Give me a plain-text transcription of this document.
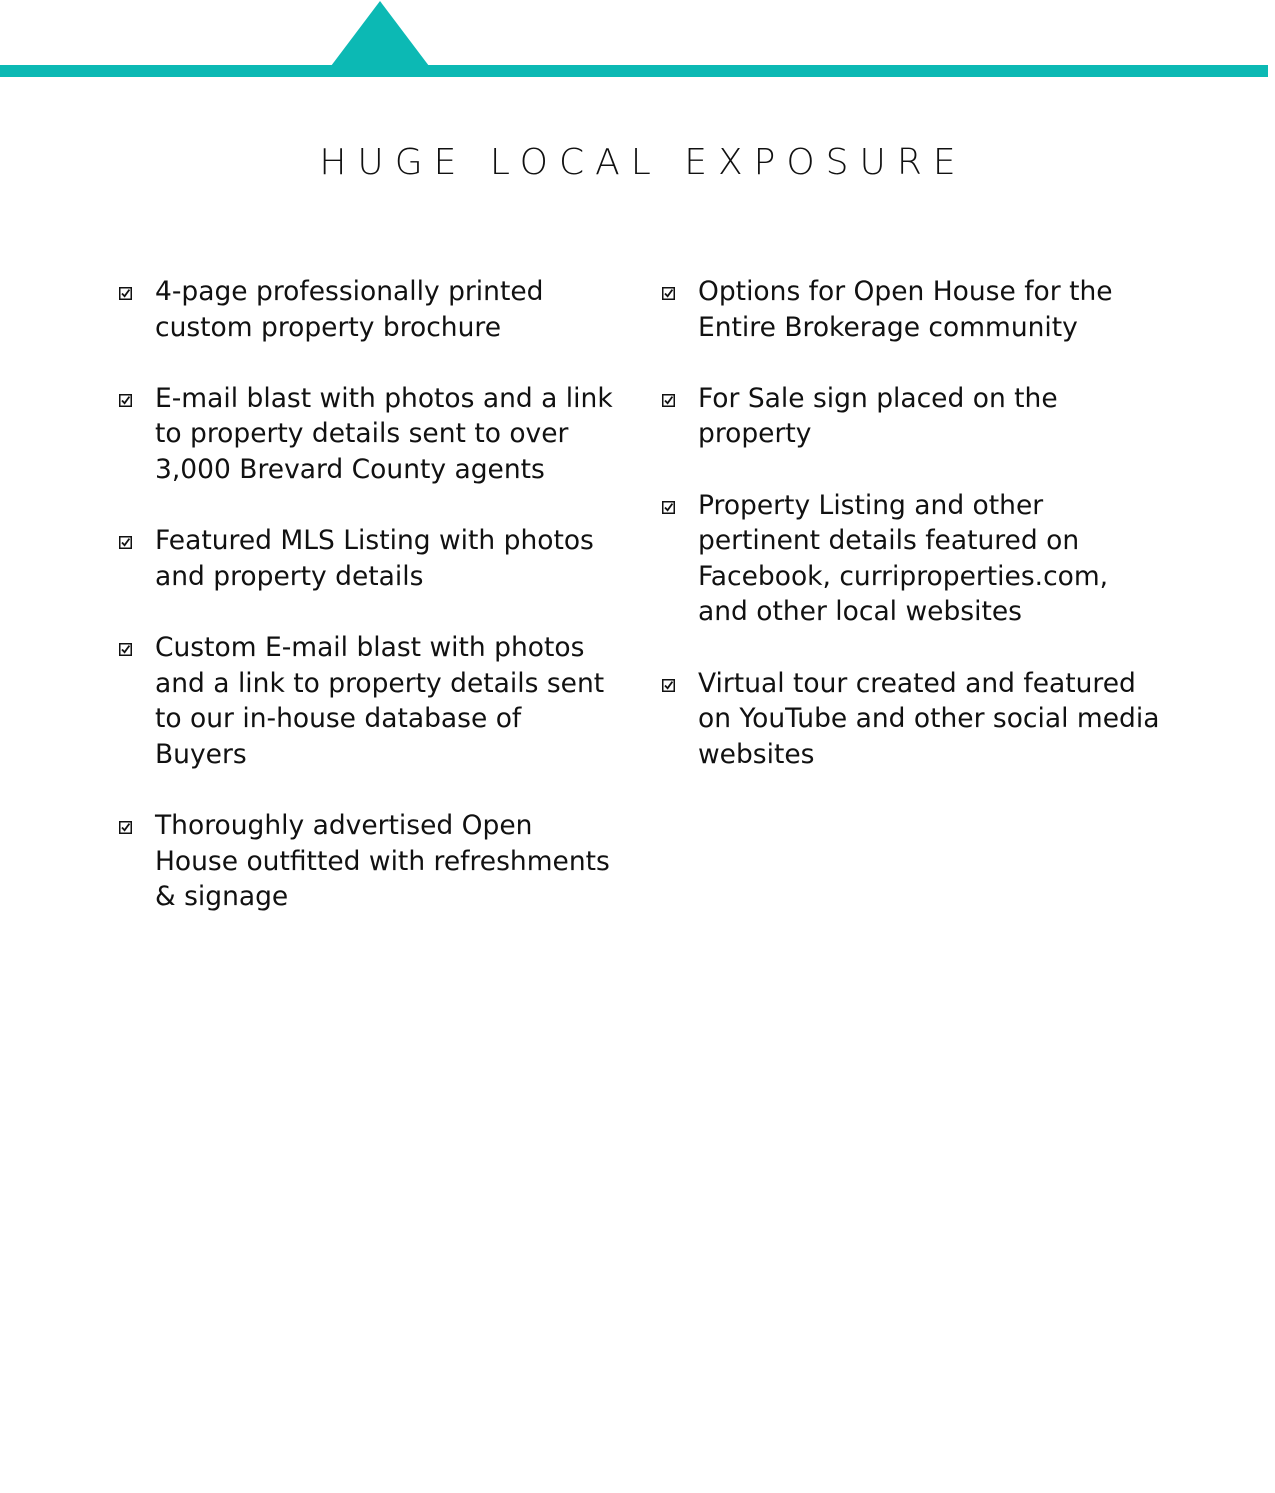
HUGE LOCAL EXPOSURE
4-page professionally printed custom property brochure
E-mail blast with photos and a link to property details sent to over 3,000 Brevard County agents
Featured MLS Listing with photos and property details
Custom E-mail blast with photos and a link to property details sent to our in-house database of Buyers
Thoroughly advertised Open House outfitted with refreshments & signage
Options for Open House for the Entire Brokerage community
For Sale sign placed on the property
Property Listing and other pertinent details featured on Facebook, curriproperties.com, and other local websites
Virtual tour created and featured on YouTube and other social media websites
